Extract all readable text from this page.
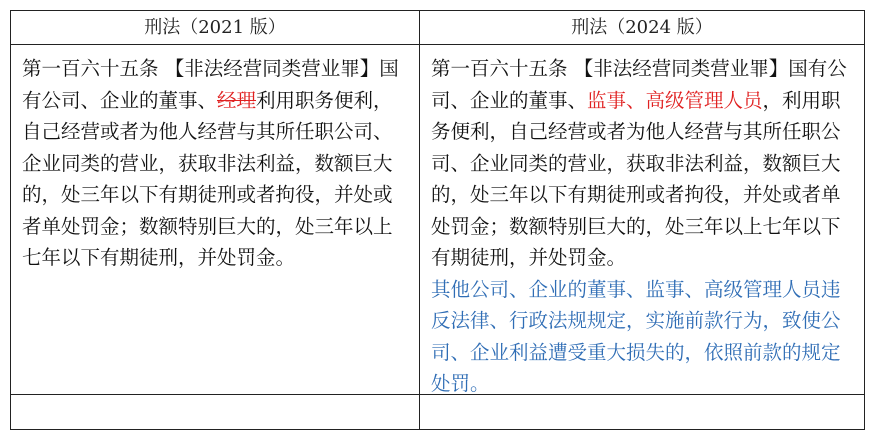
刑法（2021 版）	刑法（2024 版）
第一百六十五条 【非法经营同类营业罪】国有公司、企业的董事、经理利用职务便利，自己经营或者为他人经营与其所任职公司、企业同类的营业，获取非法利益，数额巨大的，处三年以下有期徒刑或者拘役，并处或者单处罚金；数额特别巨大的，处三年以上七年以下有期徒刑，并处罚金。
第一百六十五条 【非法经营同类营业罪】国有公司、企业的董事、监事、高级管理人员，利用职务便利，自己经营或者为他人经营与其所任职公司、企业同类的营业，获取非法利益，数额巨大的，处三年以下有期徒刑或者拘役，并处或者单处罚金；数额特别巨大的，处三年以上七年以下有期徒刑，并处罚金。
其他公司、企业的董事、监事、高级管理人员违反法律、行政法规规定，实施前款行为，致使公司、企业利益遭受重大损失的，依照前款的规定处罚。
